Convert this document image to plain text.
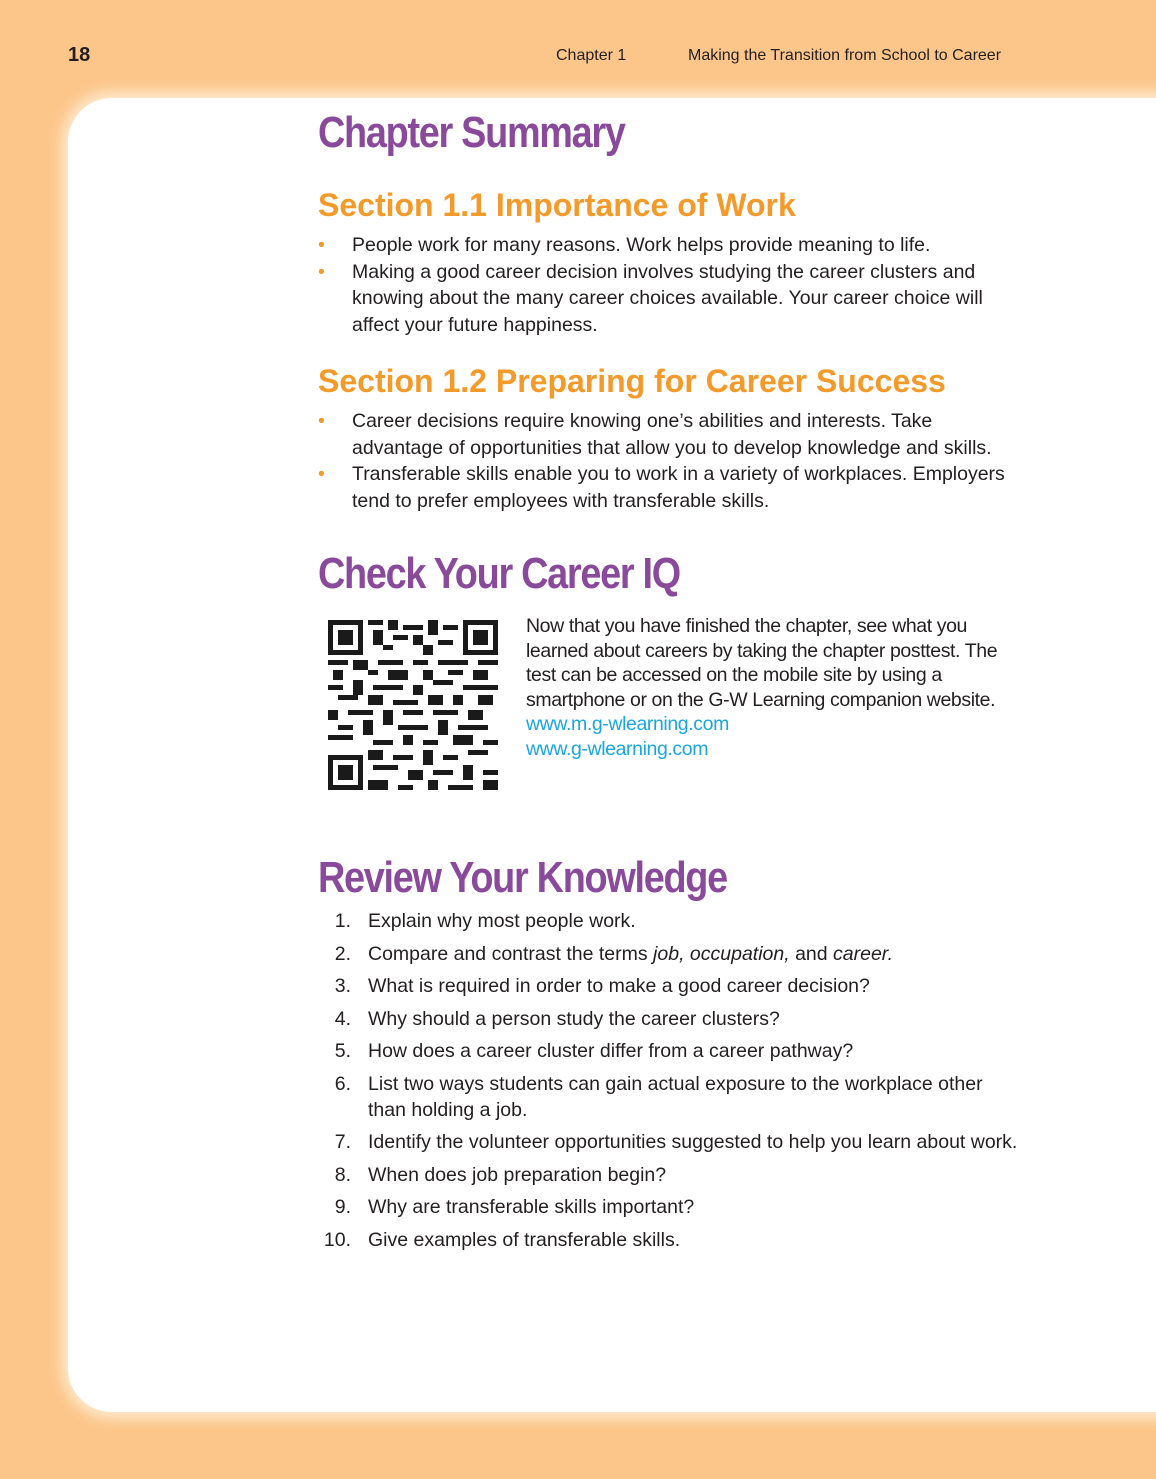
18	Chapter 1	Making the Transition from School to Career
Chapter Summary
Section 1.1 Importance of Work
• People work for many reasons. Work helps provide meaning to life.
• Making a good career decision involves studying the career clusters and knowing about the many career choices available. Your career choice will affect your future happiness.
Section 1.2 Preparing for Career Success
• Career decisions require knowing one’s abilities and interests. Take advantage of opportunities that allow you to develop knowledge and skills.
• Transferable skills enable you to work in a variety of workplaces. Employers tend to prefer employees with transferable skills.
Check Your Career IQ
Now that you have finished the chapter, see what you learned about careers by taking the chapter posttest. The test can be accessed on the mobile site by using a smartphone or on the G-W Learning companion website.
www.m.g-wlearning.com
www.g-wlearning.com
Review Your Knowledge
1. Explain why most people work.
2. Compare and contrast the terms job, occupation, and career.
3. What is required in order to make a good career decision?
4. Why should a person study the career clusters?
5. How does a career cluster differ from a career pathway?
6. List two ways students can gain actual exposure to the workplace other than holding a job.
7. Identify the volunteer opportunities suggested to help you learn about work.
8. When does job preparation begin?
9. Why are transferable skills important?
10. Give examples of transferable skills.
